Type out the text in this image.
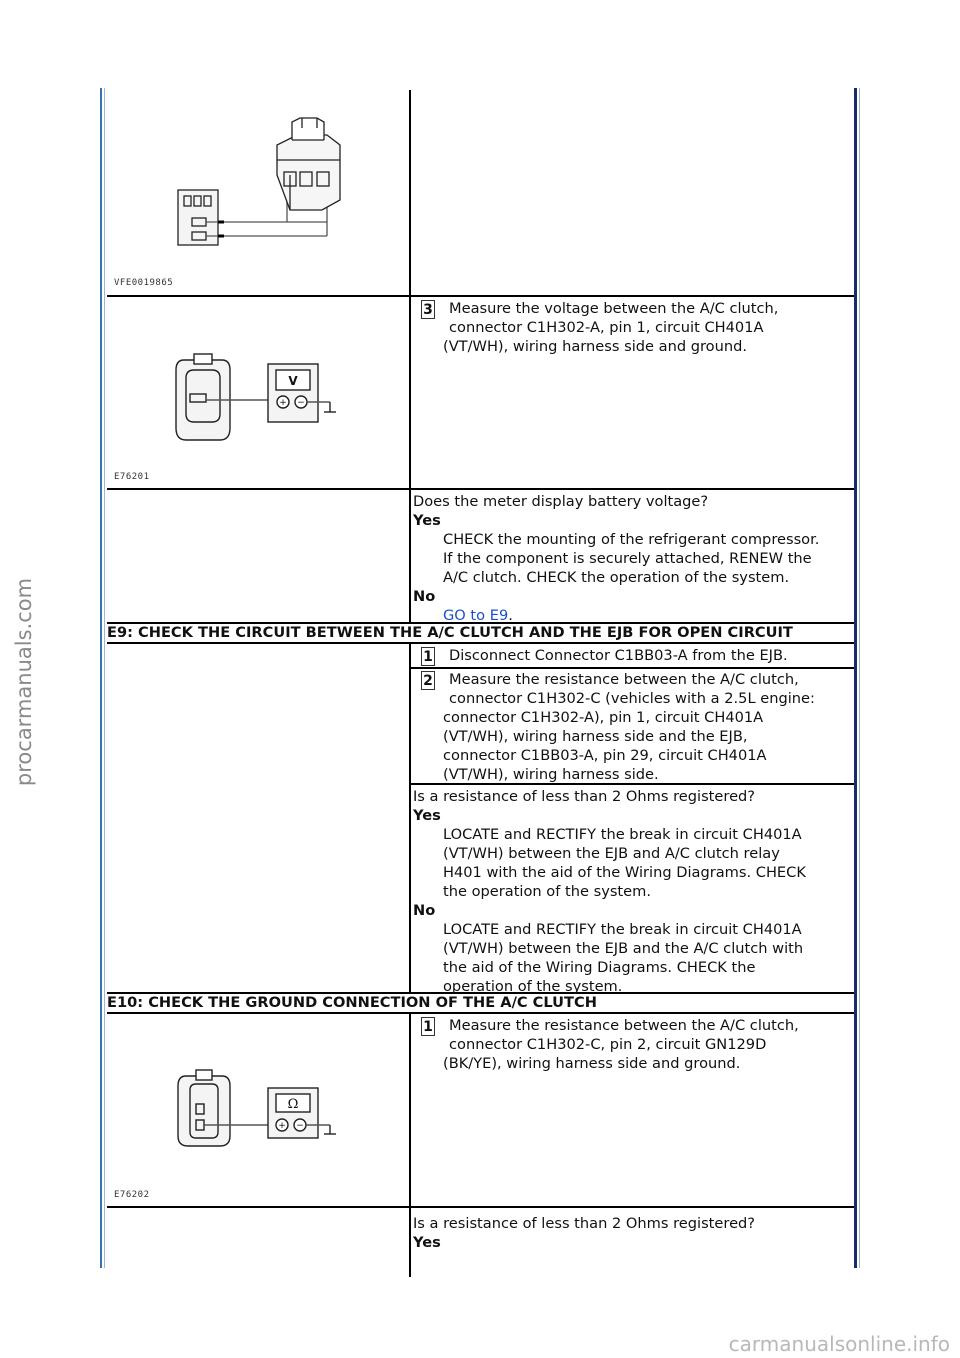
procarmanuals.com
carmanualsonline.info
VFE0019865
V
+ −
E76201
Ω
+ −
E76202
3	Measure the voltage between the A/C clutch,
connector C1H302-A, pin 1, circuit CH401A
(VT/WH), wiring harness side and ground.
Does the meter display battery voltage?
Yes
CHECK the mounting of the refrigerant compressor.
If the component is securely attached, RENEW the
A/C clutch. CHECK the operation of the system.
No
GO to E9.
E9: CHECK THE CIRCUIT BETWEEN THE A/C CLUTCH AND THE EJB FOR OPEN CIRCUIT
1	Disconnect Connector C1BB03-A from the EJB.
2	Measure the resistance between the A/C clutch,
connector C1H302-C (vehicles with a 2.5L engine:
connector C1H302-A), pin 1, circuit CH401A
(VT/WH), wiring harness side and the EJB,
connector C1BB03-A, pin 29, circuit CH401A
(VT/WH), wiring harness side.
Is a resistance of less than 2 Ohms registered?
Yes
LOCATE and RECTIFY the break in circuit CH401A
(VT/WH) between the EJB and A/C clutch relay
H401 with the aid of the Wiring Diagrams. CHECK
the operation of the system.
No
LOCATE and RECTIFY the break in circuit CH401A
(VT/WH) between the EJB and the A/C clutch with
the aid of the Wiring Diagrams. CHECK the
operation of the system.
E10: CHECK THE GROUND CONNECTION OF THE A/C CLUTCH
1	Measure the resistance between the A/C clutch,
connector C1H302-C, pin 2, circuit GN129D
(BK/YE), wiring harness side and ground.
Is a resistance of less than 2 Ohms registered?
Yes
